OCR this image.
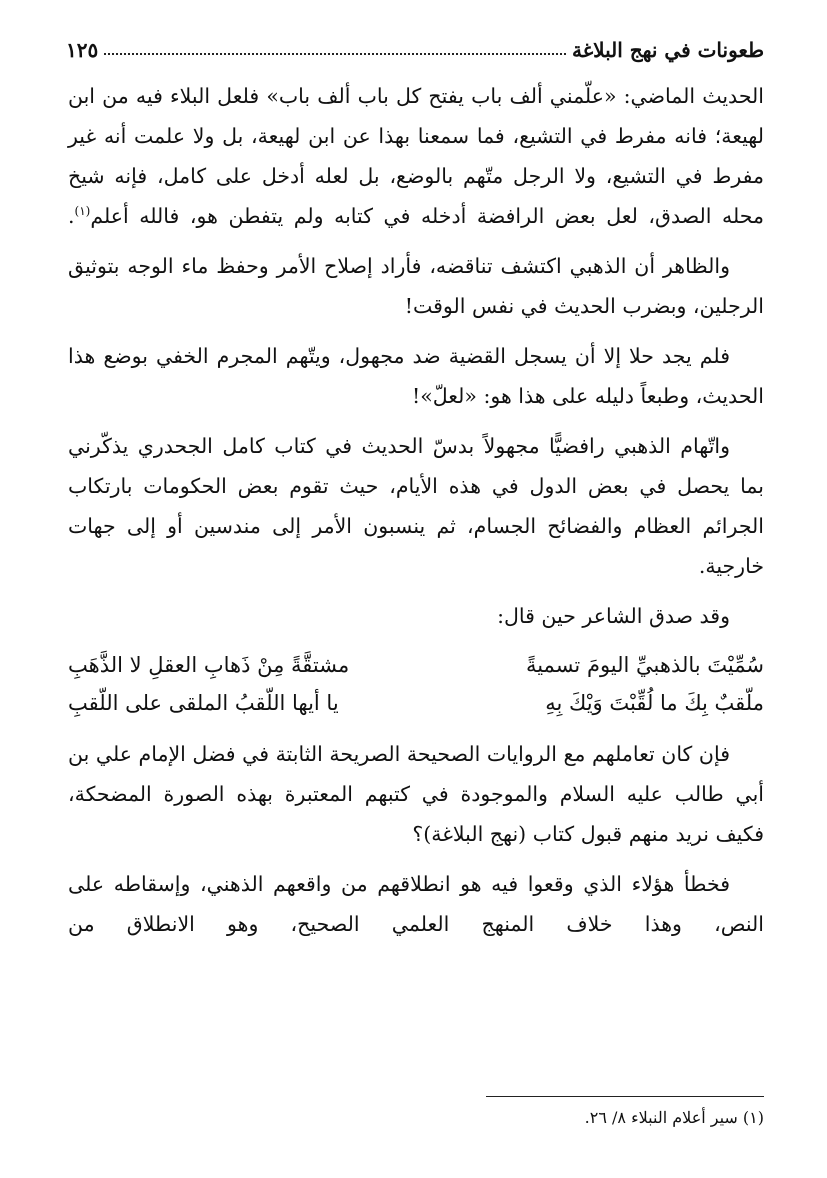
طعونات في نهج البلاغة
١٢٥

الحديث الماضي: «علّمني ألف باب يفتح كل باب ألف باب» فلعل البلاء فيه من ابن لهيعة؛ فانه مفرط في التشيع، فما سمعنا بهذا عن ابن لهيعة، بل ولا علمت أنه غير مفرط في التشيع، ولا الرجل متّهم بالوضع، بل لعله أدخل على كامل، فإنه شيخ محله الصدق، لعل بعض الرافضة أدخله في كتابه ولم يتفطن هو، فالله أعلم$^{(١)}$.

والظاهر أن الذهبي اكتشف تناقضه، فأراد إصلاح الأمر وحفظ ماء الوجه بتوثيق الرجلين، وبضرب الحديث في نفس الوقت!

فلم يجد حلا إلا أن يسجل القضية ضد مجهول، ويتّهم المجرم الخفي بوضع هذا الحديث، وطبعاً دليله على هذا هو: «لعلّ»!

واتّهام الذهبي رافضيًّا مجهولاً بدسّ الحديث في كتاب كامل الجحدري يذكّرني بما يحصل في بعض الدول في هذه الأيام، حيث تقوم بعض الحكومات بارتكاب الجرائم العظام والفضائح الجسام، ثم ينسبون الأمر إلى مندسين أو إلى جهات خارجية.

وقد صدق الشاعر حين قال:

سُمِّيْتَ بالذهبيِّ اليومَ تسميةً
مشتقَّةً مِنْ ذَهابِ العقلِ لا الذَّهَبِ
ملّقبٌ بِكَ ما لُقِّبْتَ وَيْكَ بِهِ
يا أيها اللّقبُ الملقى على اللّقبِ

فإن كان تعاملهم مع الروايات الصحيحة الصريحة الثابتة في فضل الإمام علي بن أبي طالب عليه السلام والموجودة في كتبهم المعتبرة بهذه الصورة المضحكة، فكيف نريد منهم قبول كتاب (نهج البلاغة)؟

فخطأ هؤلاء الذي وقعوا فيه هو انطلاقهم من واقعهم الذهني، وإسقاطه على النص، وهذا خلاف المنهج العلمي الصحيح، وهو الانطلاق من

(١) سير أعلام النبلاء ٨/ ٢٦.
